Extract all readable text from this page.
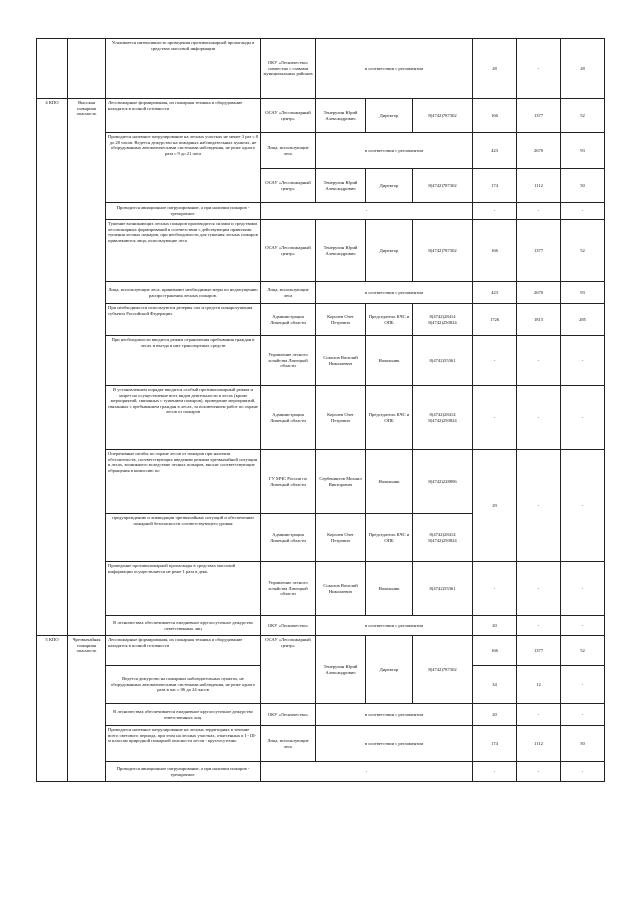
		Усиливается интенсивность проведения противопожарной пропаганды в средствах массовой информации	ОКУ «Лесничество» совместно с главами муниципальных районов	в соответствии с регламентом			28	-	28
4 КПО	Высокая пожарная опасность	Лесопожарные формирования, их пожарная техника и оборудование находятся в полной готовности	ОСАУ «Лесопожарный центр»	Тенерулин Юрий Александрович	Директор	8(4742)787302	166	1377	52
		Проводится наземное патрулирование на лесных участках не менее 3 раз с 8 до 20 часов. Ведется дежурство на пожарных наблюдательных пунктах, не оборудованных автоматическими системами наблюдения, не реже одного раза с 9 до 21 часа	Лица, использующие лесь	в соответствии с регламентом			423	2670	93
			ОСАУ «Лесопожарный центр»	Тенерулин Юрий Александрович	Директор	8(4742)787302	174	1112	50
		Проводится авиационное патрулирование, а при наличии пожаров - трехкратное.	-				-	-	-
		Тушение возникающих лесных пожаров производится силами и средствами лесопожарных формирований в соответствии с действующим правилами тушения лесных пожаров, при необходимости для тушения лесных пожаров привлекаются лица, использующие леса	ОСАУ «Лесопожарный центр»	Тенерулин Юрий Александрович	Директор	8(4742)787302	166	1377	52
		Лица, использующие леса, принимают необходимые меры по недопущению распространения лесных пожаров.	Лица, использующие леса	в соответствии с регламентом			423	2670	93
		При необходимости используются резервы сил и средств пожаротушения субъекта Российской Федерации.	Администрация Липецкой области	Королев Олег Петрович	Председатель КЧС и ОПБ	8(4742)28414 8(4742)250824	1726	1815	285
		При необходимости вводится режим ограничения пребывания граждан в лесах и въезда в них транспортных средств	Управление лесного хозяйства Липецкой области	Соколов Василий Николаевич	Начальник	8(4742)55361	-	-	-
		В установленном порядке вводится особый противопожарный режим и запрет на осуществление всех видов деятельности в лесах (кроме мероприятий, связанных с тушением пожаров), проведение мероприятий, связанных с пребыванием граждан в лесах, за исключением работ по охране лесов от пожаров	Администрация Липецкой области	Королев Олег Петрович	Председатель КЧС и ОПБ	8(4742)28414 8(4742)250824	-	-	-
		Оперативные штабы по охране лесов от пожаров при наличии обстоятельств, соответствующих введению режима чрезвычайной ситуации в лесах, возникшего вследствие лесных пожаров, вносят соответствующие обращения в комиссию по	ГУ МЧС России по Липецкой области	Сербенинтов Михаил Викторович	Начальник	8(4742)228806	29	-	-
		предупреждению и ликвидации чрезвычайных ситуаций и обеспечению пожарной безопасности соответствующего уровня	Администрация Липецкой области	Королев Олег Петрович	Председатель КЧС и ОПБ	8(4742)28414 8(4742)250824			
		Проведение противопожарной пропаганды в средствах массовой информации осуществляется не реже 1 раза в день	Управление лесного хозяйства Липецкой области	Соколов Василий Николаевич	Начальник	8(4742)55361	-	-	-
		В лесничествах обеспечивается ежедневное круглосуточное дежурство ответственных лиц	ОКУ «Лесничество»	в соответствии с регламентом			20	-	-
5 КПО	Чрезвычайная пожарная опасность	Лесопожарные формирования, их пожарная техника и оборудование находятся в полной готовности	ОСАУ «Лесопожарный центр»	Тенерулин Юрий Александрович	Директор	8(4742)787302	166	1377	52
		Ведется дежурство на пожарных наблюдательных пунктах, не оборудованных автоматическими системами наблюдения, не реже одного раза в час с 06 до 24 часов					34	12	-
		В лесничествах обеспечивается ежедневное круглосуточное дежурство ответственных лиц.	ОКУ «Лесничество»	в соответствии с регламентом			20	-	-
		Проводится наземное патрулирование на лесных территориях в течение всего светового периода, при этом на лесных участках, отнесенных к I - III-м классам природной пожарной опасности лесов - круглосуточно	Лица, использующие лесь	в соответствии с регламентом			174	1112	50
		Проводится авиационное патрулирование, а при наличии пожаров - трехкратное.	-				-	-	-
